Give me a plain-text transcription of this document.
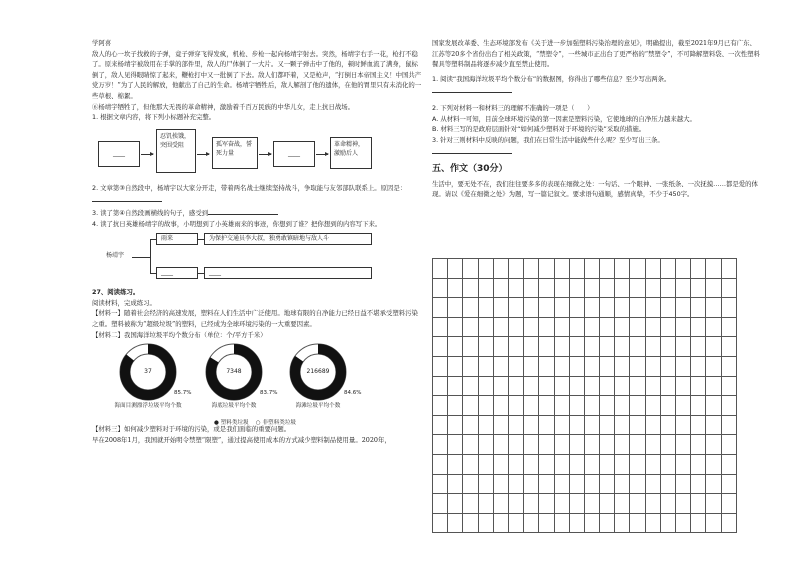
学阿喜

敌人的心一坎子找救的子弹，竟子弹穿飞得发疯，机枪、步枪一起向杨靖宇射去。突然，杨靖宇右手一花，枪打不稳了。原来杨靖宇被敌用在手掌的部件里，敌人的尸体倒了一大片。又一颗子弹击中了他的，顿时鲜血流了满身，鼠标倒了，敌人见得眼睛惊了起来，鞭枪打中又一批倒了下去。敌人们都吓着，又是枪声，“打倒日本帝国主义！中国共产党万岁！”为了人民的解放，他献出了自己的生命。杨靖宇牺牲后，敌人解剖了他的遗体，在他的胃里只有未消化的一些草根、棉絮。

⑥杨靖宇牺牲了，但他那大无畏的革命精神，激励着千百万民族的中华儿女，走上抗日战场。

1. 根据文章内容，将下列小标题补充完整。

____
忍饥挨饿，突围受阻	孤军奋战，誓死力量	____
革命精神，激励后人

2. 文章第③自然段中，杨靖宇以大家分开走，带着两名战士继续坚持战斗，争取能与友邻部队联系上。原因是：

3. 读了第④自然段画横线的句子，感受到

4. 读了抗日英雄杨靖宇的故事，小明想到了小英雄雨来的事迹，你想到了谁？把你想到的内容写下来。

杨靖宇
雨来	为保护交通员李大叔，独勇敢镇暗地与敌人斗
____	____

27、阅读练习。

阅读材料，完成练习。

【材料一】随着社会经济的高速发展，塑料在人们生活中广泛使用。地球有限的自净能力已经日益不堪承受塑料污染之重。塑料被称为“超级垃圾”的塑料，已经成为全球环境污染的一大重要因素。

【材料二】我国海洋垃圾平均个数分布（单位：个/平方千米）

37
85.7%
海面目测漂浮垃圾平均个数
7348
83.7%
海底垃圾平均个数
216689
84.6%
海滩垃圾平均个数
● 塑料类垃圾 ○ 非塑料类垃圾

【材料三】如何减少塑料对于环境的污染，或是我们面临的重要问题。

早在2008年1月，我国就开始明令禁塑“限塑”，通过提高使用成本的方式减少塑料制品使用量。2020年，

国家发展改革委、生态环境部发布《关于进一步加强塑料污染治理的意见》，明确提出，截至2021年9月已有广东、江苏等20多个省份出台了相关政策，“禁塑令”，一些城市正出台了更严格的“禁塑令”，不可降解塑料袋、一次性塑料餐具等塑料制品将逐步减少直至禁止使用。

1. 阅读“我国海洋垃圾平均个数分布”的数据图，你得出了哪些信息？至少写出两条。

2. 下列对材料一和材料三的理解不准确的一项是（　　）

A. 从材料一可知，目前全球环境污染的第一因素是塑料污染，它使地球的自净压力越来越大。

B. 材料三写的是政府层面针对“如何减少塑料对于环境的污染”采取的措施。

3. 针对三则材料中反映的问题，我们在日常生活中能做些什么呢？至少写出三条。

五、作文（30分）

生活中，要无处不在，我们往往要多多的表现在细微之处：一句话、一个眼神、一张纸条、一次抚摸……都是爱的体现。请以《爱在细微之处》为题，写一篇记叙文。要求语句通顺，感情真挚，不少于450字。
